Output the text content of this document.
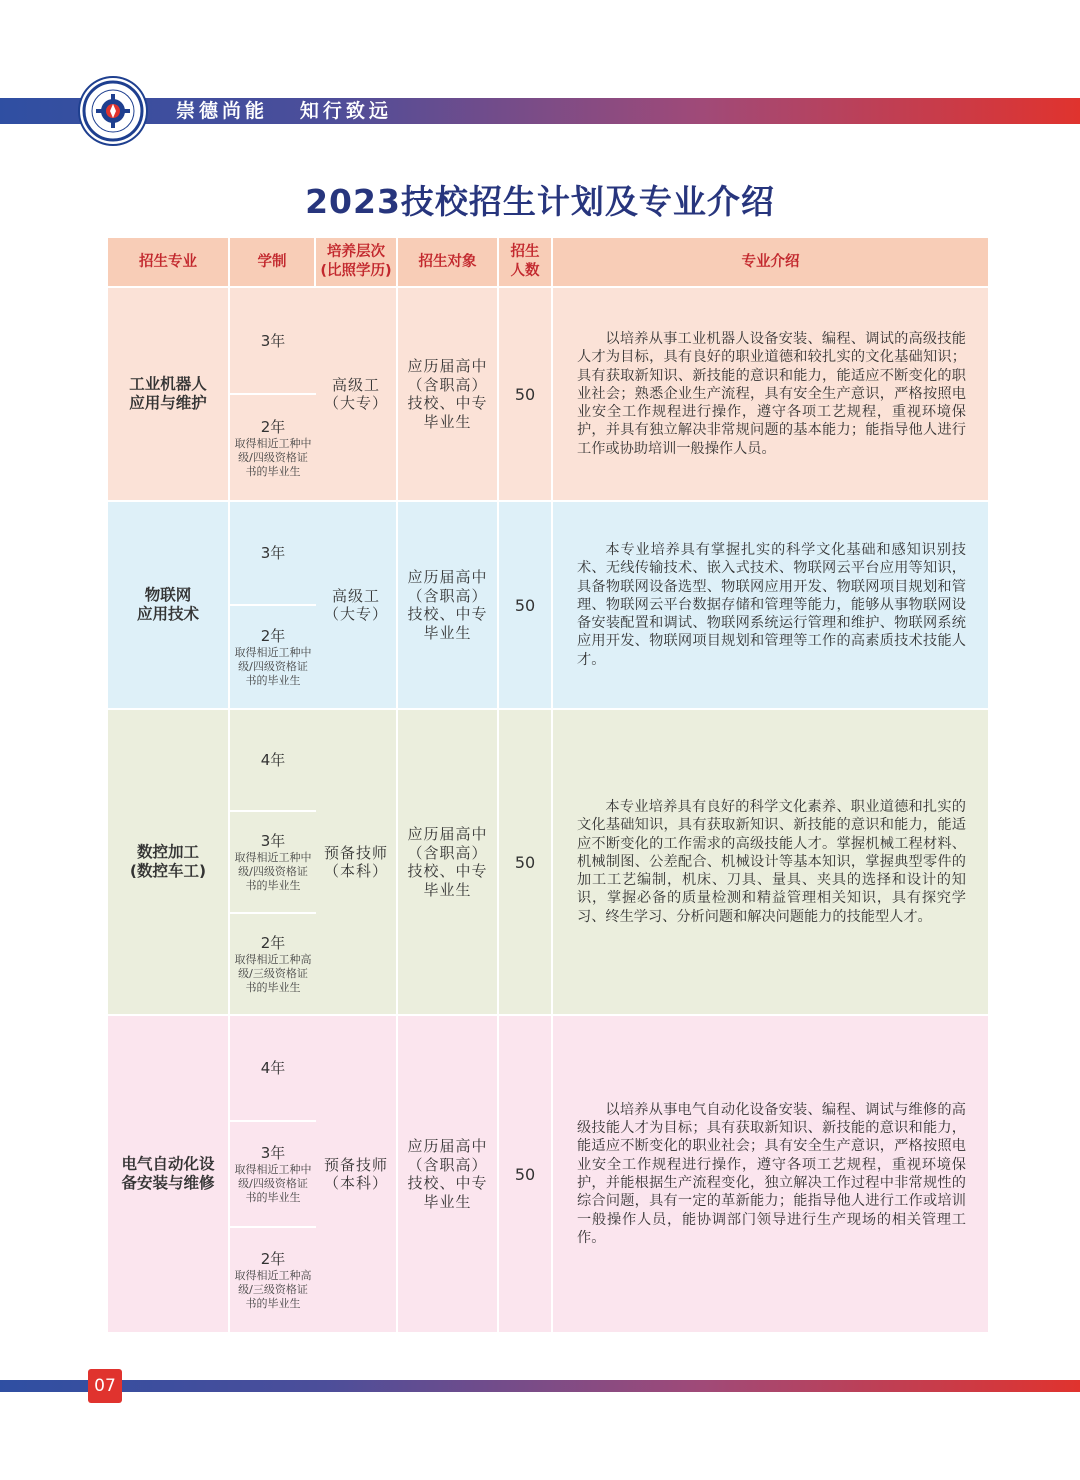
崇德尚能   知行致远
2023技校招生计划及专业介绍
招生专业	学制
培养层次
(比照学历)
招生对象
招生
人数
专业介绍
工业机器人
应用与维护
3年
2年
取得相近工种中级/四级资格证书的毕业生
高级工
（大专）
应历届高中
（含职高）
技校、中专
毕业生
50
以培养从事工业机器人设备安装、编程、调试的高级技能人才为目标，具有良好的职业道德和较扎实的文化基础知识；具有获取新知识、新技能的意识和能力，能适应不断变化的职业社会；熟悉企业生产流程，具有安全生产意识，严格按照电业安全工作规程进行操作，遵守各项工艺规程，重视环境保护，并具有独立解决非常规问题的基本能力；能指导他人进行工作或协助培训一般操作人员。
物联网
应用技术
3年
2年
取得相近工种中级/四级资格证书的毕业生
高级工
（大专）
应历届高中
（含职高）
技校、中专
毕业生
50
本专业培养具有掌握扎实的科学文化基础和感知识别技术、无线传输技术、嵌入式技术、物联网云平台应用等知识，具备物联网设备选型、物联网应用开发、物联网项目规划和管理、物联网云平台数据存储和管理等能力，能够从事物联网设备安装配置和调试、物联网系统运行管理和维护、物联网系统应用开发、物联网项目规划和管理等工作的高素质技术技能人才。
数控加工
(数控车工)
4年
3年
取得相近工种中级/四级资格证书的毕业生
2年
取得相近工种高级/三级资格证书的毕业生
预备技师
（本科）
应历届高中
（含职高）
技校、中专
毕业生
50
本专业培养具有良好的科学文化素养、职业道德和扎实的文化基础知识，具有获取新知识、新技能的意识和能力，能适应不断变化的工作需求的高级技能人才。掌握机械工程材料、机械制图、公差配合、机械设计等基本知识，掌握典型零件的加工工艺编制，机床、刀具、量具、夹具的选择和设计的知识，掌握必备的质量检测和精益管理相关知识，具有探究学习、终生学习、分析问题和解决问题能力的技能型人才。
电气自动化设
备安装与维修
4年
3年
取得相近工种中级/四级资格证书的毕业生
2年
取得相近工种高级/三级资格证书的毕业生
预备技师
（本科）
应历届高中
（含职高）
技校、中专
毕业生
50
以培养从事电气自动化设备安装、编程、调试与维修的高级技能人才为目标；具有获取新知识、新技能的意识和能力，能适应不断变化的职业社会；具有安全生产意识，严格按照电业安全工作规程进行操作，遵守各项工艺规程，重视环境保护，并能根据生产流程变化，独立解决工作过程中非常规性的综合问题，具有一定的革新能力；能指导他人进行工作或培训一般操作人员，能协调部门领导进行生产现场的相关管理工作。
07
